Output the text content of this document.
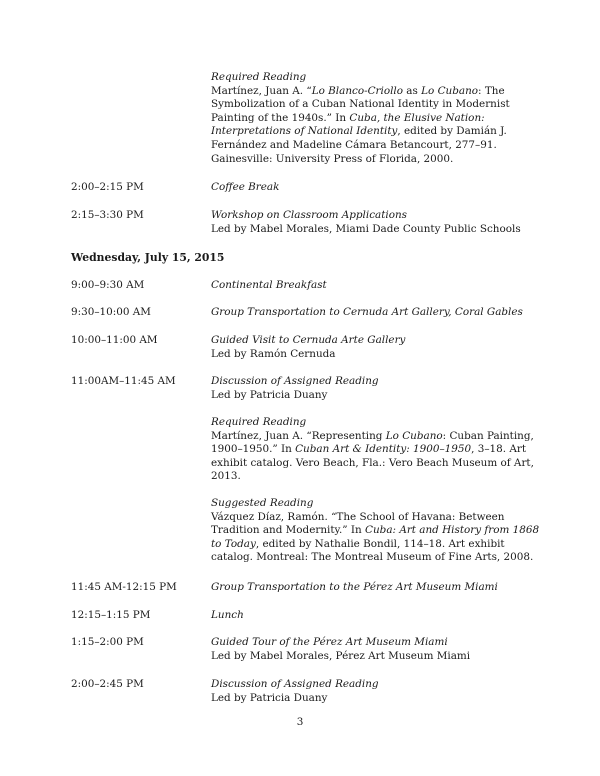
Required Reading
Martínez, Juan A. “Lo Blanco-Criollo as Lo Cubano: The
Symbolization of a Cuban National Identity in Modernist
Painting of the 1940s.” In Cuba, the Elusive Nation:
Interpretations of National Identity, edited by Damián J.
Fernández and Madeline Cámara Betancourt, 277–91.
Gainesville: University Press of Florida, 2000.
2:00–2:15 PM	Coffee Break
2:15–3:30 PM	Workshop on Classroom Applications
Led by Mabel Morales, Miami Dade County Public Schools
Wednesday, July 15, 2015
9:00–9:30 AM	Continental Breakfast
9:30–10:00 AM	Group Transportation to Cernuda Art Gallery, Coral Gables
10:00–11:00 AM	Guided Visit to Cernuda Arte Gallery
Led by Ramón Cernuda
11:00AM–11:45 AM	Discussion of Assigned Reading
Led by Patricia Duany
Required Reading
Martínez, Juan A. “Representing Lo Cubano: Cuban Painting,
1900–1950.” In Cuban Art & Identity: 1900–1950, 3–18. Art
exhibit catalog. Vero Beach, Fla.: Vero Beach Museum of Art,
2013.
Suggested Reading
Vázquez Díaz, Ramón. “The School of Havana: Between
Tradition and Modernity.” In Cuba: Art and History from 1868
to Today, edited by Nathalie Bondil, 114–18. Art exhibit
catalog. Montreal: The Montreal Museum of Fine Arts, 2008.
11:45 AM-12:15 PM	Group Transportation to the Pérez Art Museum Miami
12:15–1:15 PM	Lunch
1:15–2:00 PM	Guided Tour of the Pérez Art Museum Miami
Led by Mabel Morales, Pérez Art Museum Miami
2:00–2:45 PM	Discussion of Assigned Reading
Led by Patricia Duany
3
